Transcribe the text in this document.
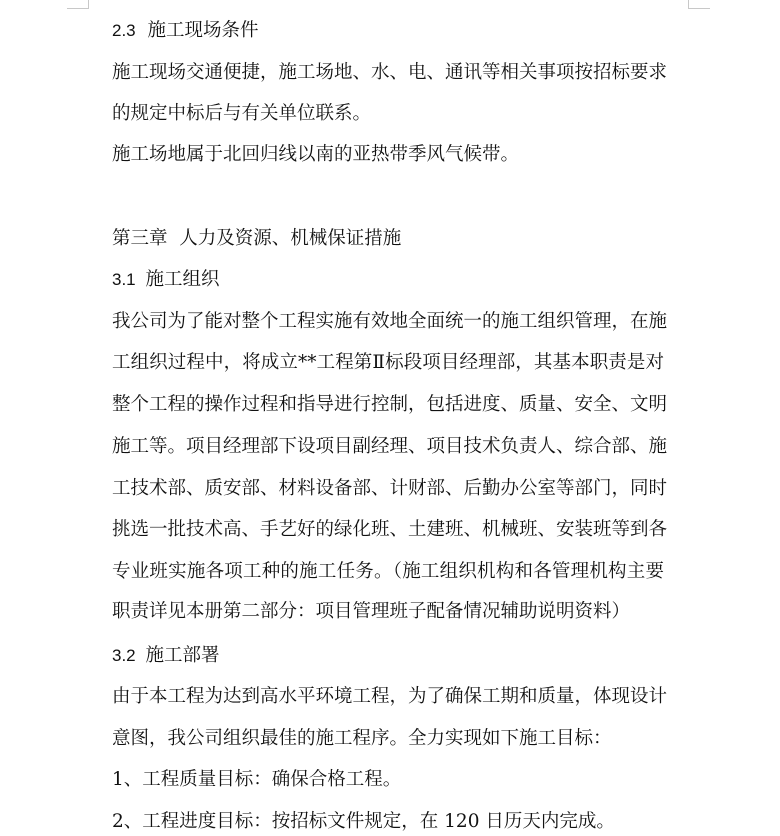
2.3 施工现场条件
施工现场交通便捷，施工场地、水、电、通讯等相关事项按招标要求
的规定中标后与有关单位联系。
施工场地属于北回归线以南的亚热带季风气候带。
第三章  人力及资源、机械保证措施
3.1 施工组织
我公司为了能对整个工程实施有效地全面统一的施工组织管理，在施
工组织过程中，将成立**工程第Ⅱ标段项目经理部，其基本职责是对
整个工程的操作过程和指导进行控制，包括进度、质量、安全、文明
施工等。项目经理部下设项目副经理、项目技术负责人、综合部、施
工技术部、质安部、材料设备部、计财部、后勤办公室等部门，同时
挑选一批技术高、手艺好的绿化班、土建班、机械班、安装班等到各
专业班实施各项工种的施工任务。（施工组织机构和各管理机构主要
职责详见本册第二部分：项目管理班子配备情况辅助说明资料）
3.2 施工部署
由于本工程为达到高水平环境工程，为了确保工期和质量，体现设计
意图，我公司组织最佳的施工程序。全力实现如下施工目标：
1、工程质量目标：确保合格工程。
2、工程进度目标：按招标文件规定，在 120 日历天内完成。
